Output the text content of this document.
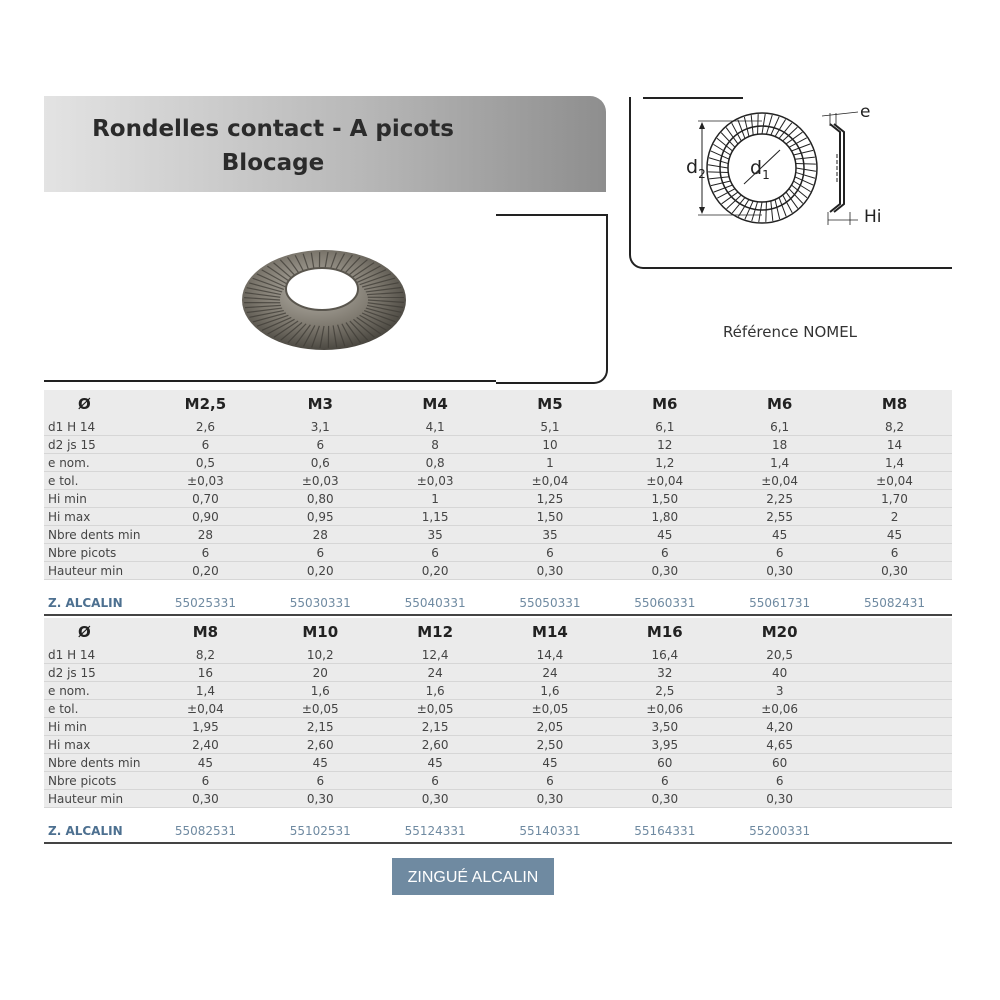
Rondelles contact - A picots
Blocage	$d_2$ $d_1$
e
Hi
Référence NOMEL
Ø	M2,5	M3	M4	M5	M6	M6	M8
d1 H 14	2,6	3,1	4,1	5,1	6,1	6,1	8,2
d2 js 15	6	6	8	10	12	18	14
e nom.	0,5	0,6	0,8	1	1,2	1,4	1,4
e tol.	±0,03	±0,03	±0,03	±0,04	±0,04	±0,04	±0,04
Hi min	0,70	0,80	1	1,25	1,50	2,25	1,70
Hi max	0,90	0,95	1,15	1,50	1,80	2,55	2
Nbre dents min	28	28	35	35	45	45	45
Nbre picots	6	6	6	6	6	6	6
Hauteur min	0,20	0,20	0,20	0,30	0,30	0,30	0,30

Z. ALCALIN	55025331	55030331	55040331	55050331	55060331	55061731	55082431
Ø	M8	M10	M12	M14	M16	M20	
d1 H 14	8,2	10,2	12,4	14,4	16,4	20,5	
d2 js 15	16	20	24	24	32	40	
e nom.	1,4	1,6	1,6	1,6	2,5	3	
e tol.	±0,04	±0,05	±0,05	±0,05	±0,06	±0,06	
Hi min	1,95	2,15	2,15	2,05	3,50	4,20	
Hi max	2,40	2,60	2,60	2,50	3,95	4,65	
Nbre dents min	45	45	45	45	60	60	
Nbre picots	6	6	6	6	6	6	
Hauteur min	0,30	0,30	0,30	0,30	0,30	0,30	

Z. ALCALIN	55082531	55102531	55124331	55140331	55164331	55200331	
ZINGUÉ ALCALIN
